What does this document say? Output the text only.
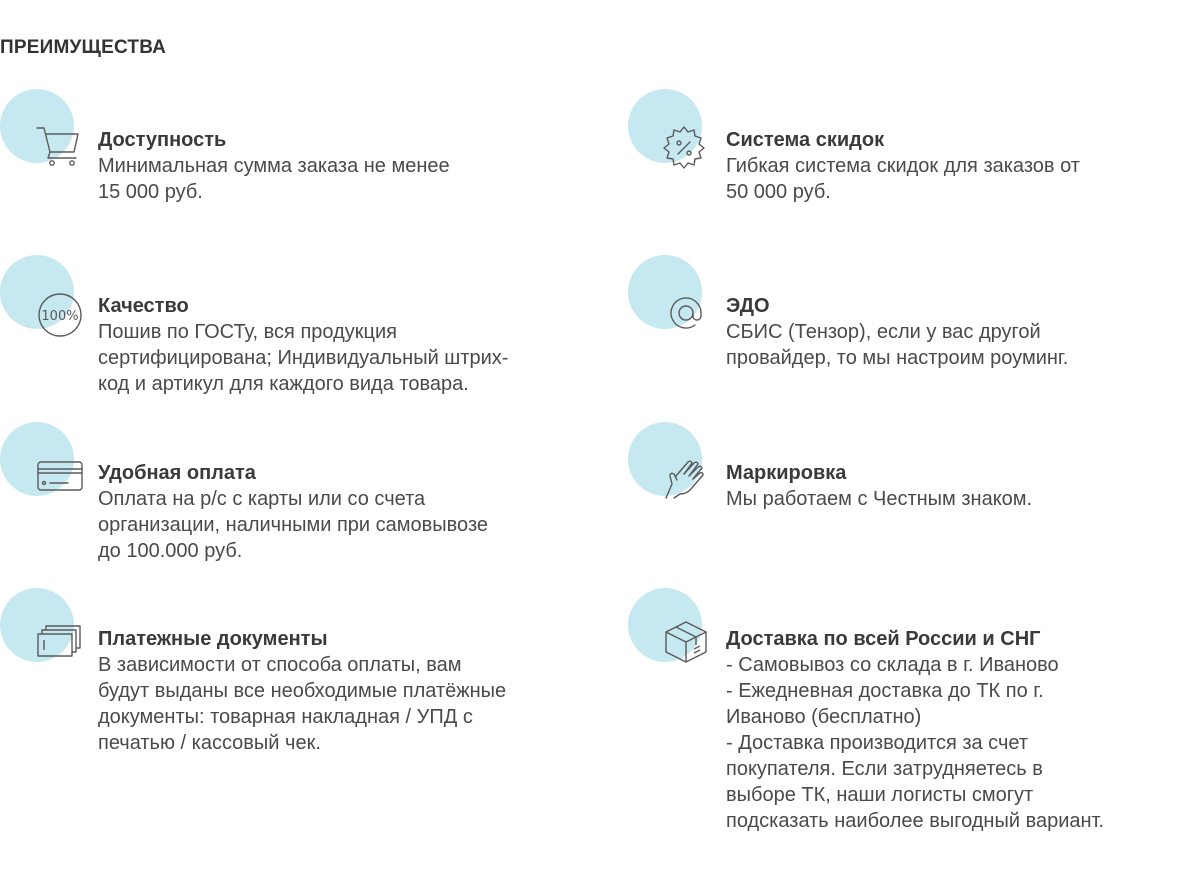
ПРЕИМУЩЕСТВА
Доступность
Минимальная сумма заказа не менее
15 000 руб.
Система скидок
Гибкая система скидок для заказов от
50 000 руб.
100% Качество
Пошив по ГОСТу, вся продукция
сертифицирована; Индивидуальный штрих-
код и артикул для каждого вида товара.
ЭДО
СБИС (Тензор), если у вас другой
провайдер, то мы настроим роуминг.
Удобная оплата
Оплата на р/с с карты или со счета
организации, наличными при самовывозе
до 100.000 руб.
Маркировка
Мы работаем с Честным знаком.
Платежные документы
В зависимости от способа оплаты, вам
будут выданы все необходимые платёжные
документы: товарная накладная / УПД с
печатью / кассовый чек.
Доставка по всей России и СНГ
- Самовывоз со склада в г. Иваново
- Ежедневная доставка до ТК по г.
Иваново (бесплатно)
- Доставка производится за счет
покупателя. Если затрудняетесь в
выборе ТК, наши логисты смогут
подсказать наиболее выгодный вариант.
